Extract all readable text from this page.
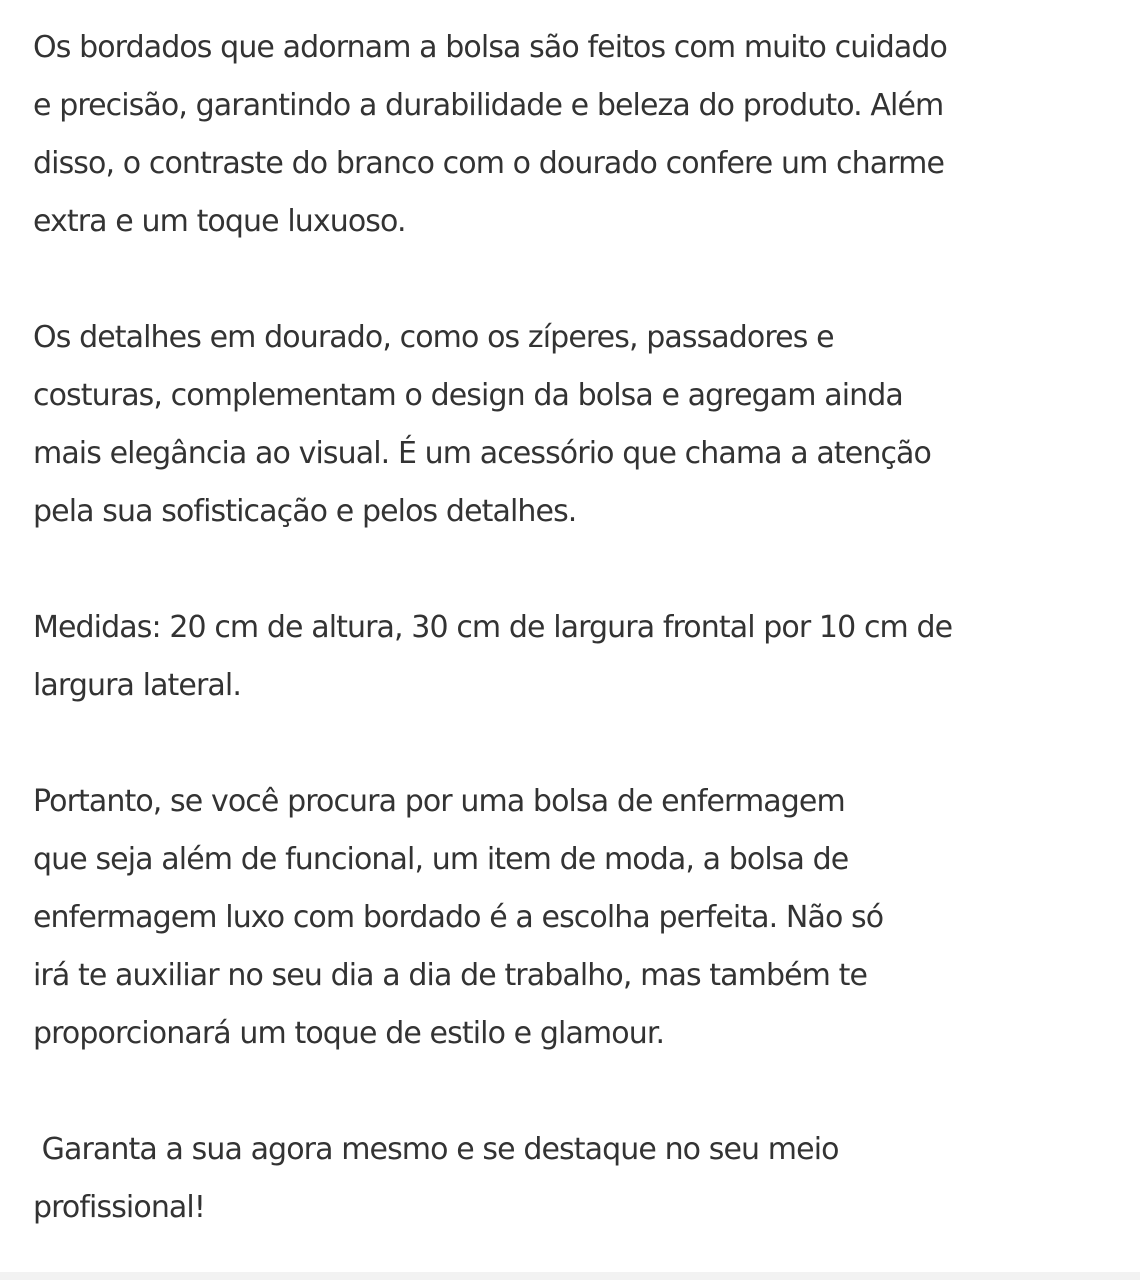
Os bordados que adornam a bolsa são feitos com muito cuidado
e precisão, garantindo a durabilidade e beleza do produto. Além
disso, o contraste do branco com o dourado confere um charme
extra e um toque luxuoso.
Os detalhes em dourado, como os zíperes, passadores e
costuras, complementam o design da bolsa e agregam ainda
mais elegância ao visual. É um acessório que chama a atenção
pela sua sofisticação e pelos detalhes.
Medidas: 20 cm de altura, 30 cm de largura frontal por 10 cm de
largura lateral.
Portanto, se você procura por uma bolsa de enfermagem
que seja além de funcional, um item de moda, a bolsa de
enfermagem luxo com bordado é a escolha perfeita. Não só
irá te auxiliar no seu dia a dia de trabalho, mas também te
proporcionará um toque de estilo e glamour.
Garanta a sua agora mesmo e se destaque no seu meio
profissional!
